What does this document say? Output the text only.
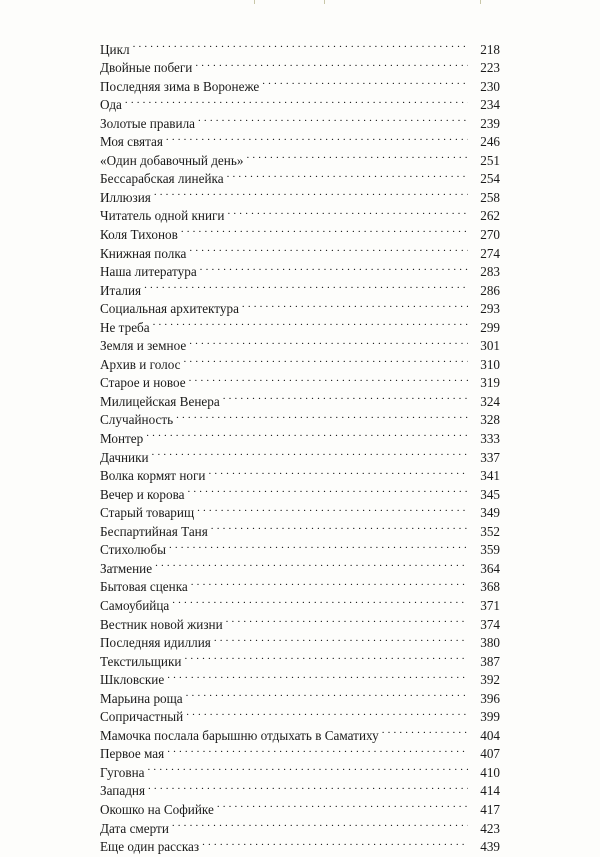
Цикл . . .	218
Двойные побеги . . .	223
Последняя зима в Воронеже . . .	230
Ода . . .	234
Золотые правила . . .	239
Моя святая . . .	246
«Один добавочный день» . . .	251
Бессарабская линейка . . .	254
Иллюзия . . .	258
Читатель одной книги . . .	262
Коля Тихонов . . .	270
Книжная полка . . .	274
Наша литература . . .	283
Италия . . .	286
Социальная архитектура . . .	293
Не треба . . .	299
Земля и земное . . .	301
Архив и голос . . .	310
Старое и новое . . .	319
Милицейская Венера . . .	324
Случайность . . .	328
Монтер . . .	333
Дачники . . .	337
Волка кормят ноги . . .	341
Вечер и корова . . .	345
Старый товарищ . . .	349
Беспартийная Таня . . .	352
Стихолюбы . . .	359
Затмение . . .	364
Бытовая сценка . . .	368
Самоубийца . . .	371
Вестник новой жизни . . .	374
Последняя идиллия . . .	380
Текстильщики . . .	387
Шкловские . . .	392
Марьина роща . . .	396
Сопричастный . . .	399
Мамочка послала барышню отдыхать в Саматиху . . .	404
Первое мая . . .	407
Гуговна . . .	410
Западня . . .	414
Окошко на Софийке . . .	417
Дата смерти . . .	423
Еще один рассказ . . .	439
